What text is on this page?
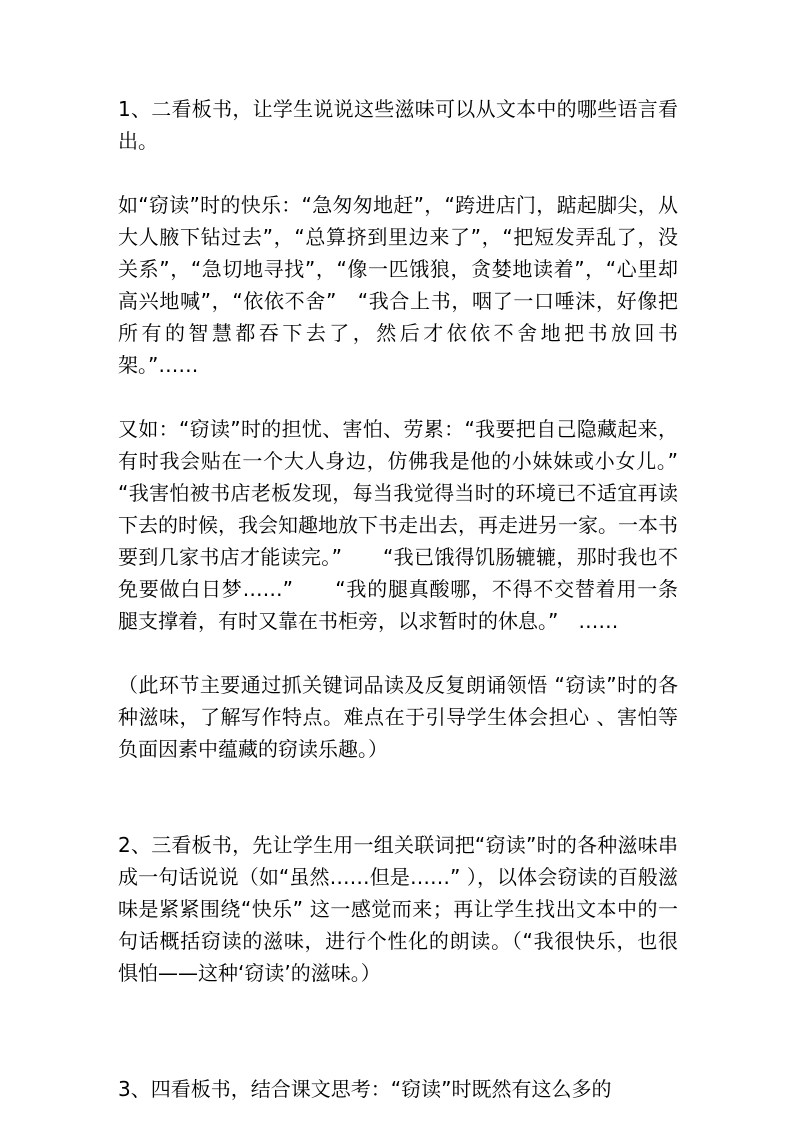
1、二看板书，让学生说说这些滋味可以从文本中的哪些语言看出。

如“窃读”时的快乐：“急匆匆地赶”，“跨进店门，踮起脚尖，从大人腋下钻过去”，“总算挤到里边来了”，“把短发弄乱了，没关系”，“急切地寻找”，“像一匹饿狼，贪婪地读着”，“心里却高兴地喊”，“依依不舍”　“我合上书，咽了一口唾沫，好像把所有的智慧都吞下去了，然后才依依不舍地把书放回书架。”……

又如：“窃读”时的担忧、害怕、劳累：“我要把自己隐藏起来，有时我会贴在一个大人身边，仿佛我是他的小妹妹或小女儿。”　　“我害怕被书店老板发现，每当我觉得当时的环境已不适宜再读下去的时候，我会知趣地放下书走出去，再走进另一家。一本书要到几家书店才能读完。”　　“我已饿得饥肠辘辘，那时我也不免要做白日梦……”　　“我的腿真酸哪，不得不交替着用一条腿支撑着，有时又靠在书柜旁，以求暂时的休息。”　……

（此环节主要通过抓关键词品读及反复朗诵领悟 “窃读”时的各种滋味，了解写作特点。难点在于引导学生体会担心 、害怕等负面因素中蕴藏的窃读乐趣。）

2、三看板书，先让学生用一组关联词把“窃读”时的各种滋味串成一句话说说（如“虽然……但是……” ），以体会窃读的百般滋味是紧紧围绕“快乐” 这一感觉而来；再让学生找出文本中的一句话概括窃读的滋味，进行个性化的朗读。（“我很快乐，也很惧怕——这种‘窃读’的滋味。）

3、四看板书，结合课文思考：“窃读”时既然有这么多的
